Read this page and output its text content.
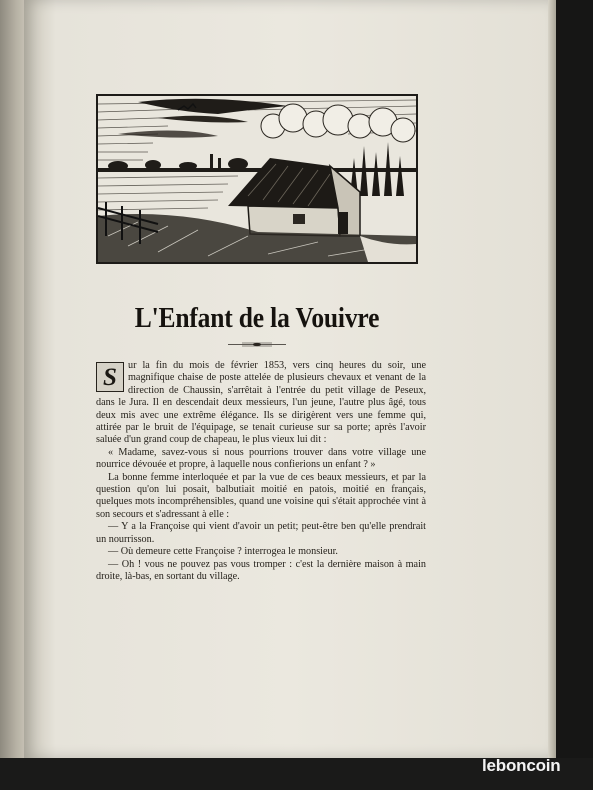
L'Enfant de la Vouivre

S	ur la fin du mois de février 1853, vers cinq heures du soir, une magnifique chaise de poste attelée de plusieurs chevaux et venant de la direction de Chaussin, s'arrêtait à l'entrée du petit village de Peseux, dans le Jura. Il en descendait deux messieurs, l'un jeune, l'autre plus âgé, tous deux mis avec une extrême élégance. Ils se dirigèrent vers une femme qui, attirée par le bruit de l'équipage, se tenait curieuse sur sa porte; après l'avoir saluée d'un grand coup de chapeau, le plus vieux lui dit :

« Madame, savez-vous si nous pourrions trouver dans votre village une nourrice dévouée et propre, à laquelle nous confierions un enfant ? »

La bonne femme interloquée et par la vue de ces beaux messieurs, et par la question qu'on lui posait, balbutiait moitié en patois, moitié en français, quelques mots incompréhensibles, quand une voisine qui s'était approchée vint à son secours et s'adressant à elle :

— Y a la Françoise qui vient d'avoir un petit; peut-être ben qu'elle prendrait un nourrisson.

— Où demeure cette Françoise ? interrogea le monsieur.

— Oh ! vous ne pouvez pas vous tromper : c'est la dernière maison à main droite, là-bas, en sortant du village.

leboncoin
